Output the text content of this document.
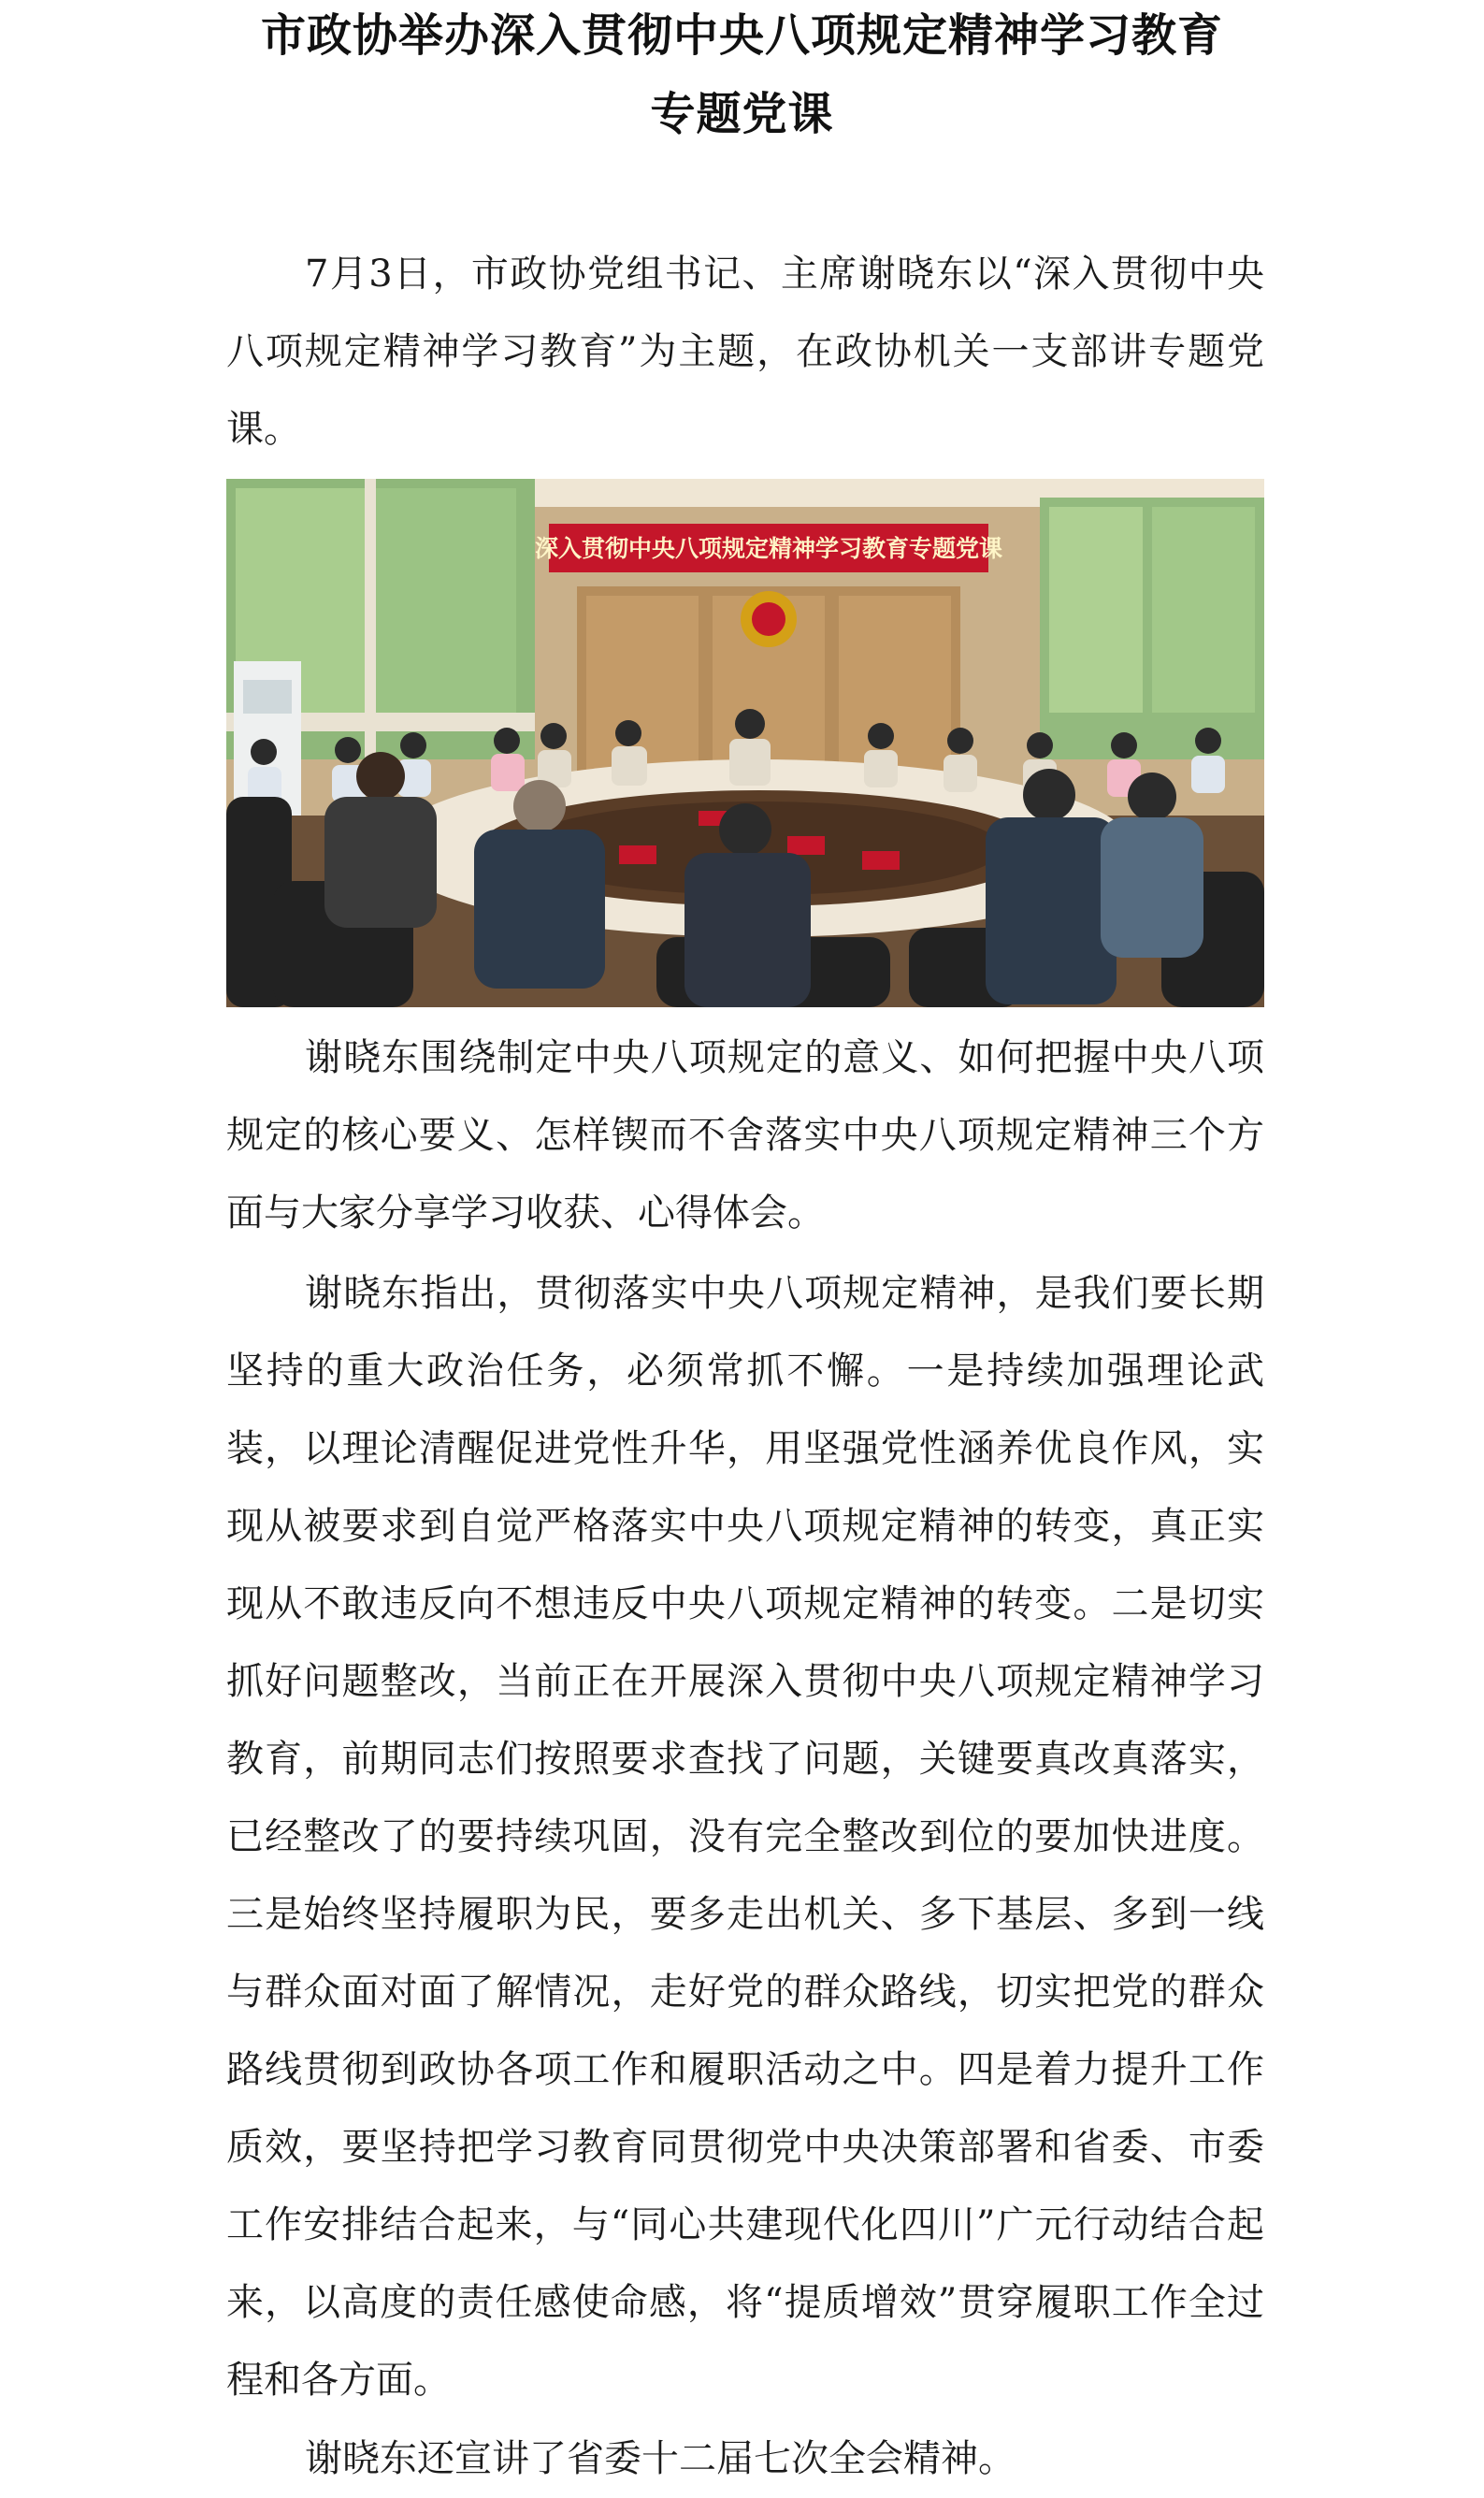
市政协举办深入贯彻中央八项规定精神学习教育
专题党课

7月3日，市政协党组书记、主席谢晓东以“深入贯彻中央八项规定精神学习教育”为主题，在政协机关一支部讲专题党课。

深入贯彻中央八项规定精神学习教育专题党课

谢晓东围绕制定中央八项规定的意义、如何把握中央八项规定的核心要义、怎样锲而不舍落实中央八项规定精神三个方面与大家分享学习收获、心得体会。

谢晓东指出，贯彻落实中央八项规定精神，是我们要长期坚持的重大政治任务，必须常抓不懈。一是持续加强理论武装，以理论清醒促进党性升华，用坚强党性涵养优良作风，实现从被要求到自觉严格落实中央八项规定精神的转变，真正实现从不敢违反向不想违反中央八项规定精神的转变。二是切实抓好问题整改，当前正在开展深入贯彻中央八项规定精神学习教育，前期同志们按照要求查找了问题，关键要真改真落实，已经整改了的要持续巩固，没有完全整改到位的要加快进度。三是始终坚持履职为民，要多走出机关、多下基层、多到一线与群众面对面了解情况，走好党的群众路线，切实把党的群众路线贯彻到政协各项工作和履职活动之中。四是着力提升工作质效，要坚持把学习教育同贯彻党中央决策部署和省委、市委工作安排结合起来，与“同心共建现代化四川”广元行动结合起来，以高度的责任感使命感，将“提质增效”贯穿履职工作全过程和各方面。

谢晓东还宣讲了省委十二届七次全会精神。
